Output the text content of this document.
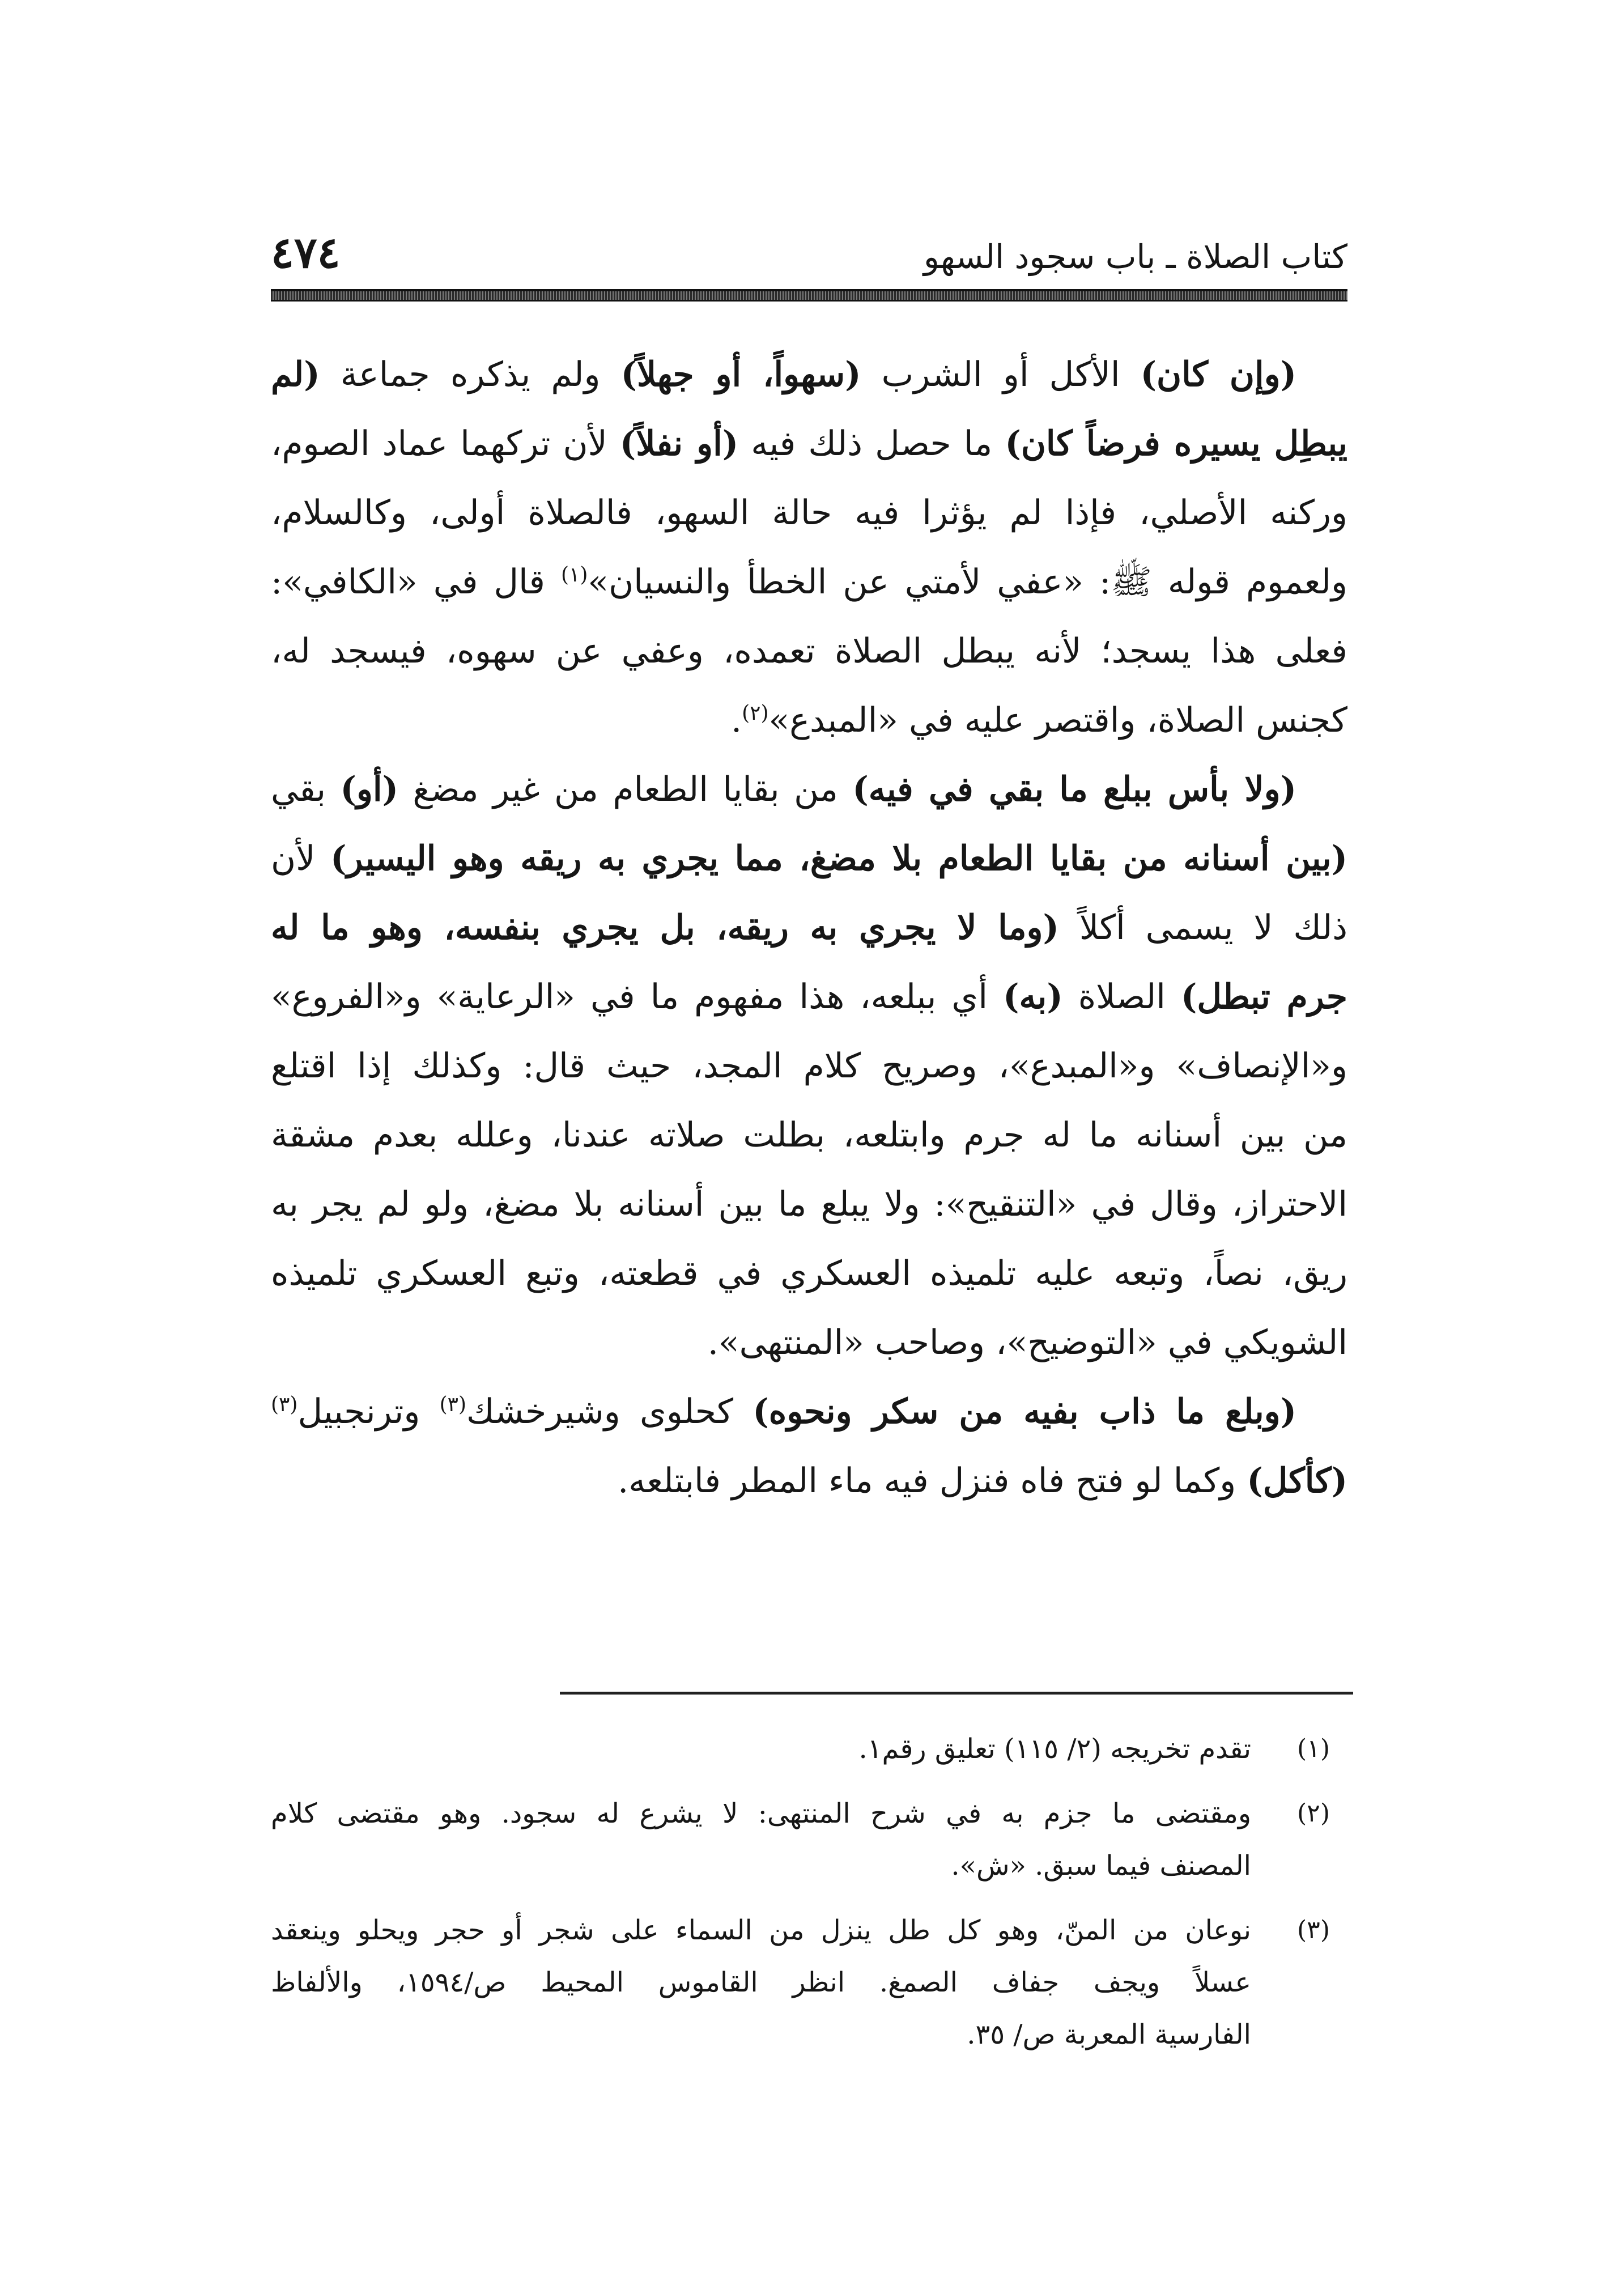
كتاب الصلاة ـ باب سجود السهو
٤٧٤
(وإن كان) الأكل أو الشرب (سهواً، أو جهلاً) ولم يذكره جماعة (لم
يبطِل يسيره فرضاً كان) ما حصل ذلك فيه (أو نفلاً) لأن تركهما عماد الصوم،
وركنه الأصلي، فإذا لم يؤثرا فيه حالة السهو، فالصلاة أولى، وكالسلام،
ولعموم قوله ﷺ: «عفي لأمتي عن الخطأ والنسيان»$^{(١)}$ قال في «الكافي»:
فعلى هذا يسجد؛ لأنه يبطل الصلاة تعمده، وعفي عن سهوه، فيسجد له،
كجنس الصلاة، واقتصر عليه في «المبدع»$^{(٢)}$.
(ولا بأس ببلع ما بقي في فيه) من بقايا الطعام من غير مضغ (أو) بقي
(بين أسنانه من بقايا الطعام بلا مضغ، مما يجري به ريقه وهو اليسير) لأن
ذلك لا يسمى أكلاً (وما لا يجري به ريقه، بل يجري بنفسه، وهو ما له
جرم تبطل) الصلاة (به) أي ببلعه، هذا مفهوم ما في «الرعاية» و«الفروع»
و«الإنصاف» و«المبدع»، وصريح كلام المجد، حيث قال: وكذلك إذا اقتلع
من بين أسنانه ما له جرم وابتلعه، بطلت صلاته عندنا، وعلله بعدم مشقة
الاحتراز، وقال في «التنقيح»: ولا يبلع ما بين أسنانه بلا مضغ، ولو لم يجر به
ريق، نصاً، وتبعه عليه تلميذه العسكري في قطعته، وتبع العسكري تلميذه
الشويكي في «التوضيح»، وصاحب «المنتهى».
(وبلع ما ذاب بفيه من سكر ونحوه) كحلوى وشيرخشك$^{(٣)}$ وترنجبيل$^{(٣)}$
(كأكل) وكما لو فتح فاه فنزل فيه ماء المطر فابتلعه.
(١)
تقدم تخريجه (٢/ ١١٥) تعليق رقم١.
(٢)
ومقتضى ما جزم به في شرح المنتهى: لا يشرع له سجود. وهو مقتضى كلام
المصنف فيما سبق. «ش».
(٣)
نوعان من المنّ، وهو كل طل ينزل من السماء على شجر أو حجر ويحلو وينعقد
عسلاً ويجف جفاف الصمغ. انظر القاموس المحيط ص/١٥٩٤، والألفاظ
الفارسية المعربة ص/ ٣٥.
